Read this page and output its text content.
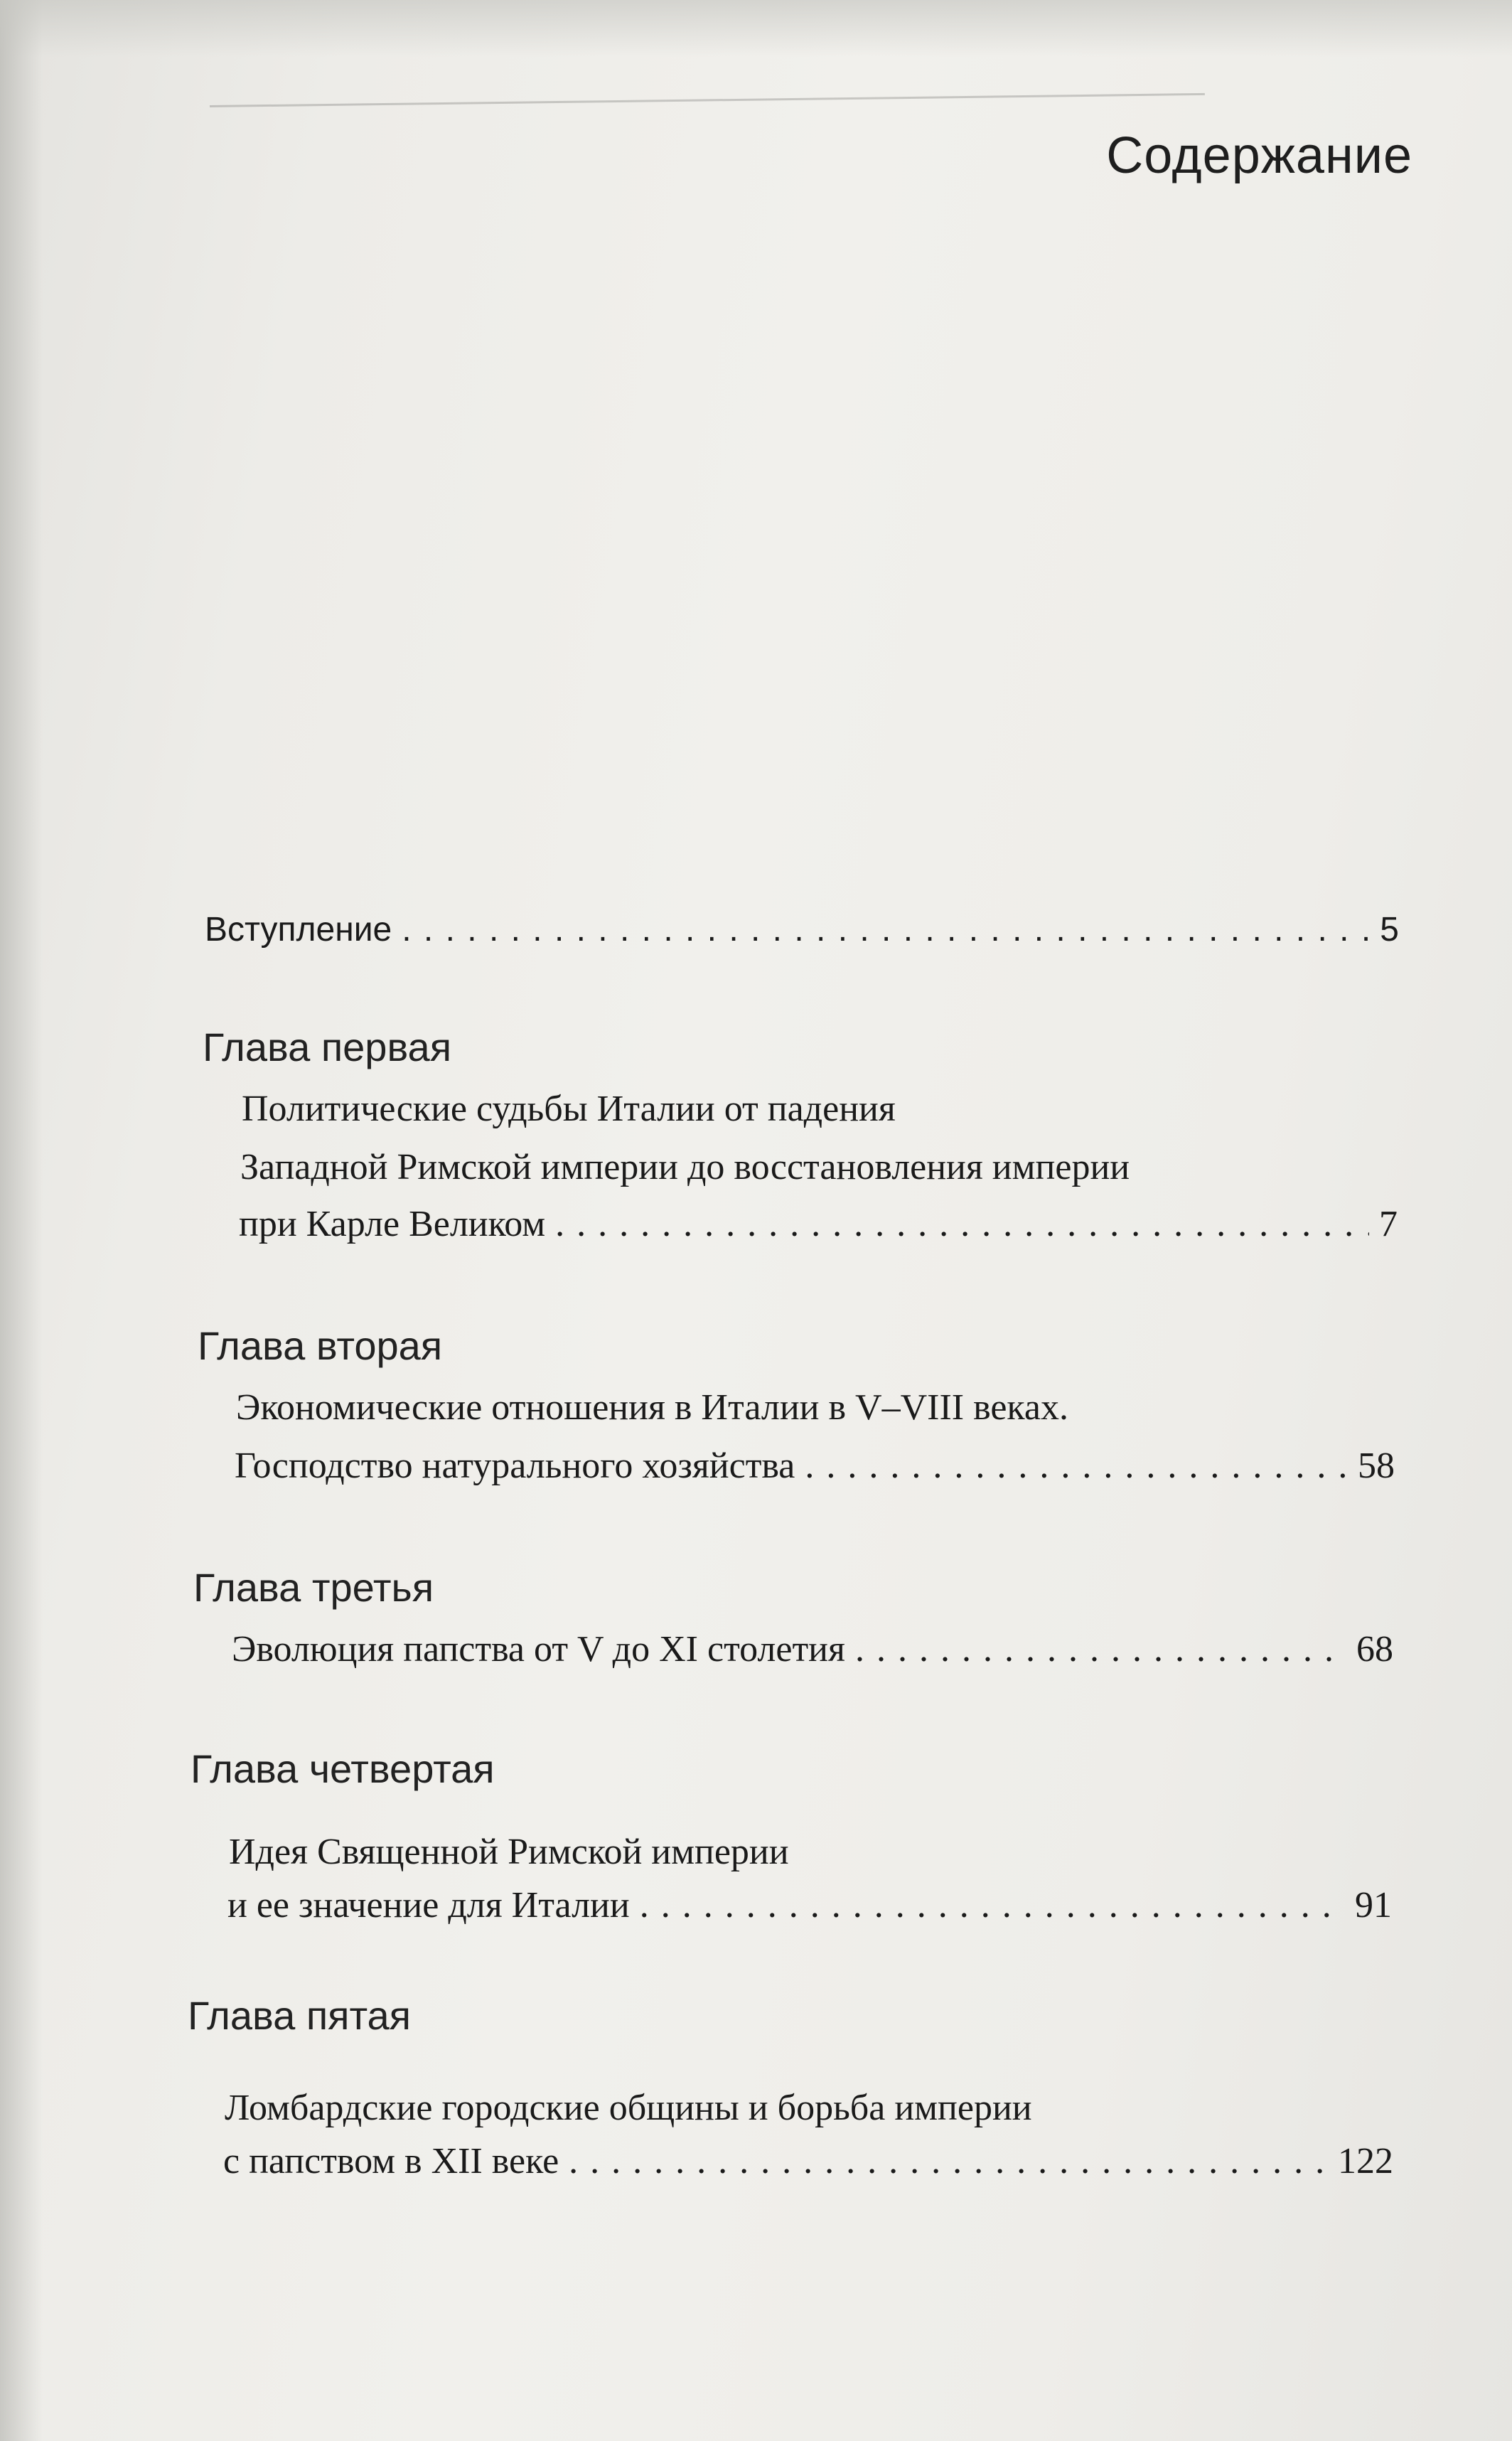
Содержание
Вступление . . .	5
Глава первая
Политические судьбы Италии от падения
Западной Римской империи до восстановления империи
при Карле Великом . . .	7
Глава вторая
Экономические отношения в Италии в V–VIII веках.
Господство натурального хозяйства . . .	58
Глава третья
Эволюция папства от V до XI столетия . . .	68
Глава четвертая
Идея Священной Римской империи
и ее значение для Италии . . .	91
Глава пятая
Ломбардские городские общины и борьба империи
с папством в XII веке . . .	122
